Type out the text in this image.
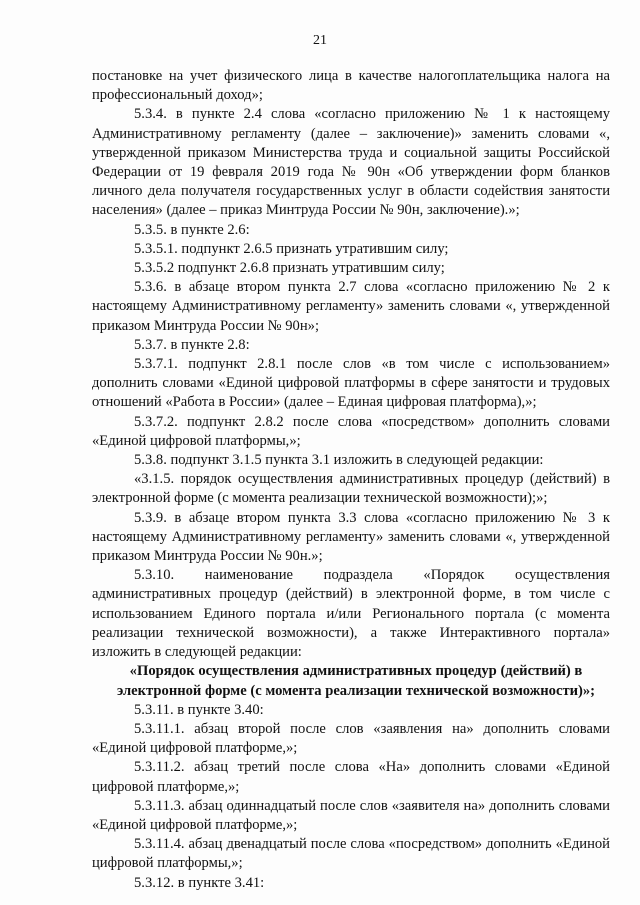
21

постановке на учет физического лица в качестве налогоплательщика налога на профессиональный доход»;

5.3.4. в пункте 2.4 слова «согласно приложению № 1 к настоящему Административному регламенту (далее – заключение)» заменить словами «, утвержденной приказом Министерства труда и социальной защиты Российской Федерации от 19 февраля 2019 года № 90н «Об утверждении форм бланков личного дела получателя государственных услуг в области содействия занятости населения» (далее – приказ Минтруда России № 90н, заключение).»;

5.3.5. в пункте 2.6:

5.3.5.1. подпункт 2.6.5 признать утратившим силу;

5.3.5.2 подпункт 2.6.8 признать утратившим силу;

5.3.6. в абзаце втором пункта 2.7 слова «согласно приложению № 2 к настоящему Административному регламенту» заменить словами «, утвержденной приказом Минтруда России № 90н»;

5.3.7. в пункте 2.8:

5.3.7.1. подпункт 2.8.1 после слов «в том числе с использованием» дополнить словами «Единой цифровой платформы в сфере занятости и трудовых отношений «Работа в России» (далее – Единая цифровая платформа),»;

5.3.7.2. подпункт 2.8.2 после слова «посредством» дополнить словами «Единой цифровой платформы,»;

5.3.8. подпункт 3.1.5 пункта 3.1 изложить в следующей редакции:

«3.1.5. порядок осуществления административных процедур (действий) в электронной форме (с момента реализации технической возможности);»;

5.3.9. в абзаце втором пункта 3.3 слова «согласно приложению № 3 к настоящему Административному регламенту» заменить словами «, утвержденной приказом Минтруда России № 90н.»;

5.3.10. наименование подраздела «Порядок осуществления административных процедур (действий) в электронной форме, в том числе с использованием Единого портала и/или Регионального портала (с момента реализации технической возможности), а также Интерактивного портала» изложить в следующей редакции:

«Порядок осуществления административных процедур (действий) в электронной форме (с момента реализации технической возможности)»;

5.3.11. в пункте 3.40:

5.3.11.1. абзац второй после слов «заявления на» дополнить словами «Единой цифровой платформе,»;

5.3.11.2. абзац третий после слова «На» дополнить словами «Единой цифровой платформе,»;

5.3.11.3. абзац одиннадцатый после слов «заявителя на» дополнить словами «Единой цифровой платформе,»;

5.3.11.4. абзац двенадцатый после слова «посредством» дополнить «Единой цифровой платформы,»;

5.3.12. в пункте 3.41:
